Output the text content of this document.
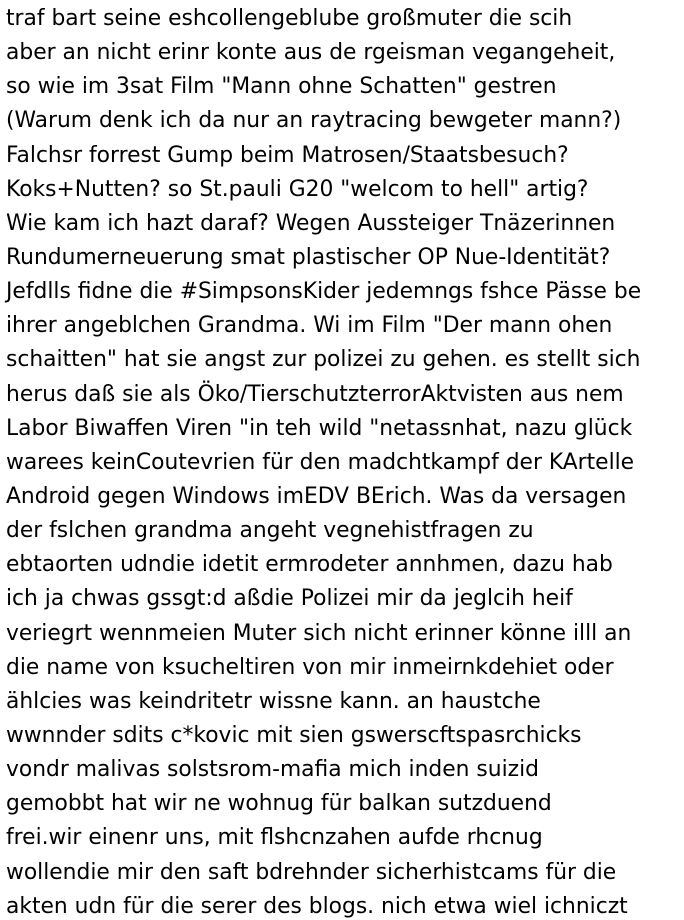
traf bart seine eshcollengeblube großmuter die scih
aber an nicht erinr konte aus de rgeisman vegangeheit,
so wie im 3sat Film "Mann ohne Schatten" gestren
(Warum denk ich da nur an raytracing bewgeter mann?)
Falchsr forrest Gump beim Matrosen/Staatsbesuch?
Koks+Nutten? so St.pauli G20 "welcom to hell" artig?
Wie kam ich hazt daraf? Wegen Aussteiger Tnäzerinnen
Rundumerneuerung smat plastischer OP Nue-Identität?
Jefdlls fidne die #SimpsonsKider jedemngs fshce Pässe be
ihrer angeblchen Grandma. Wi im Film "Der mann ohen
schaitten" hat sie angst zur polizei zu gehen. es stellt sich
herus daß sie als Öko/TierschutzterrorAktvisten aus nem
Labor Biwaffen Viren "in teh wild "netassnhat, nazu glück
warees keinCoutevrien für den madchtkampf der KArtelle
Android gegen Windows imEDV BErich. Was da versagen
der fslchen grandma angeht vegnehistfragen zu
ebtaorten udndie idetit ermrodeter annhmen, dazu hab
ich ja chwas gssgt:d aßdie Polizei mir da jeglcih heif
veriegrt wennmeien Muter sich nicht erinner könne illl an
die name von ksucheltiren von mir inmeirnkdehiet oder
ählcies was keindritetr wissne kann. an haustche
wwnnder sdits c*kovic mit sien gswerscftspasrchicks
vondr malivas solstsrom-mafia mich inden suizid
gemobbt hat wir ne wohnug für balkan sutzduend
frei.wir einenr uns, mit flshcnzahen aufde rhcnug
wollendie mir den saft bdrehnder sicherhistcams für die
akten udn für die serer des blogs. nich etwa wiel ichniczt
